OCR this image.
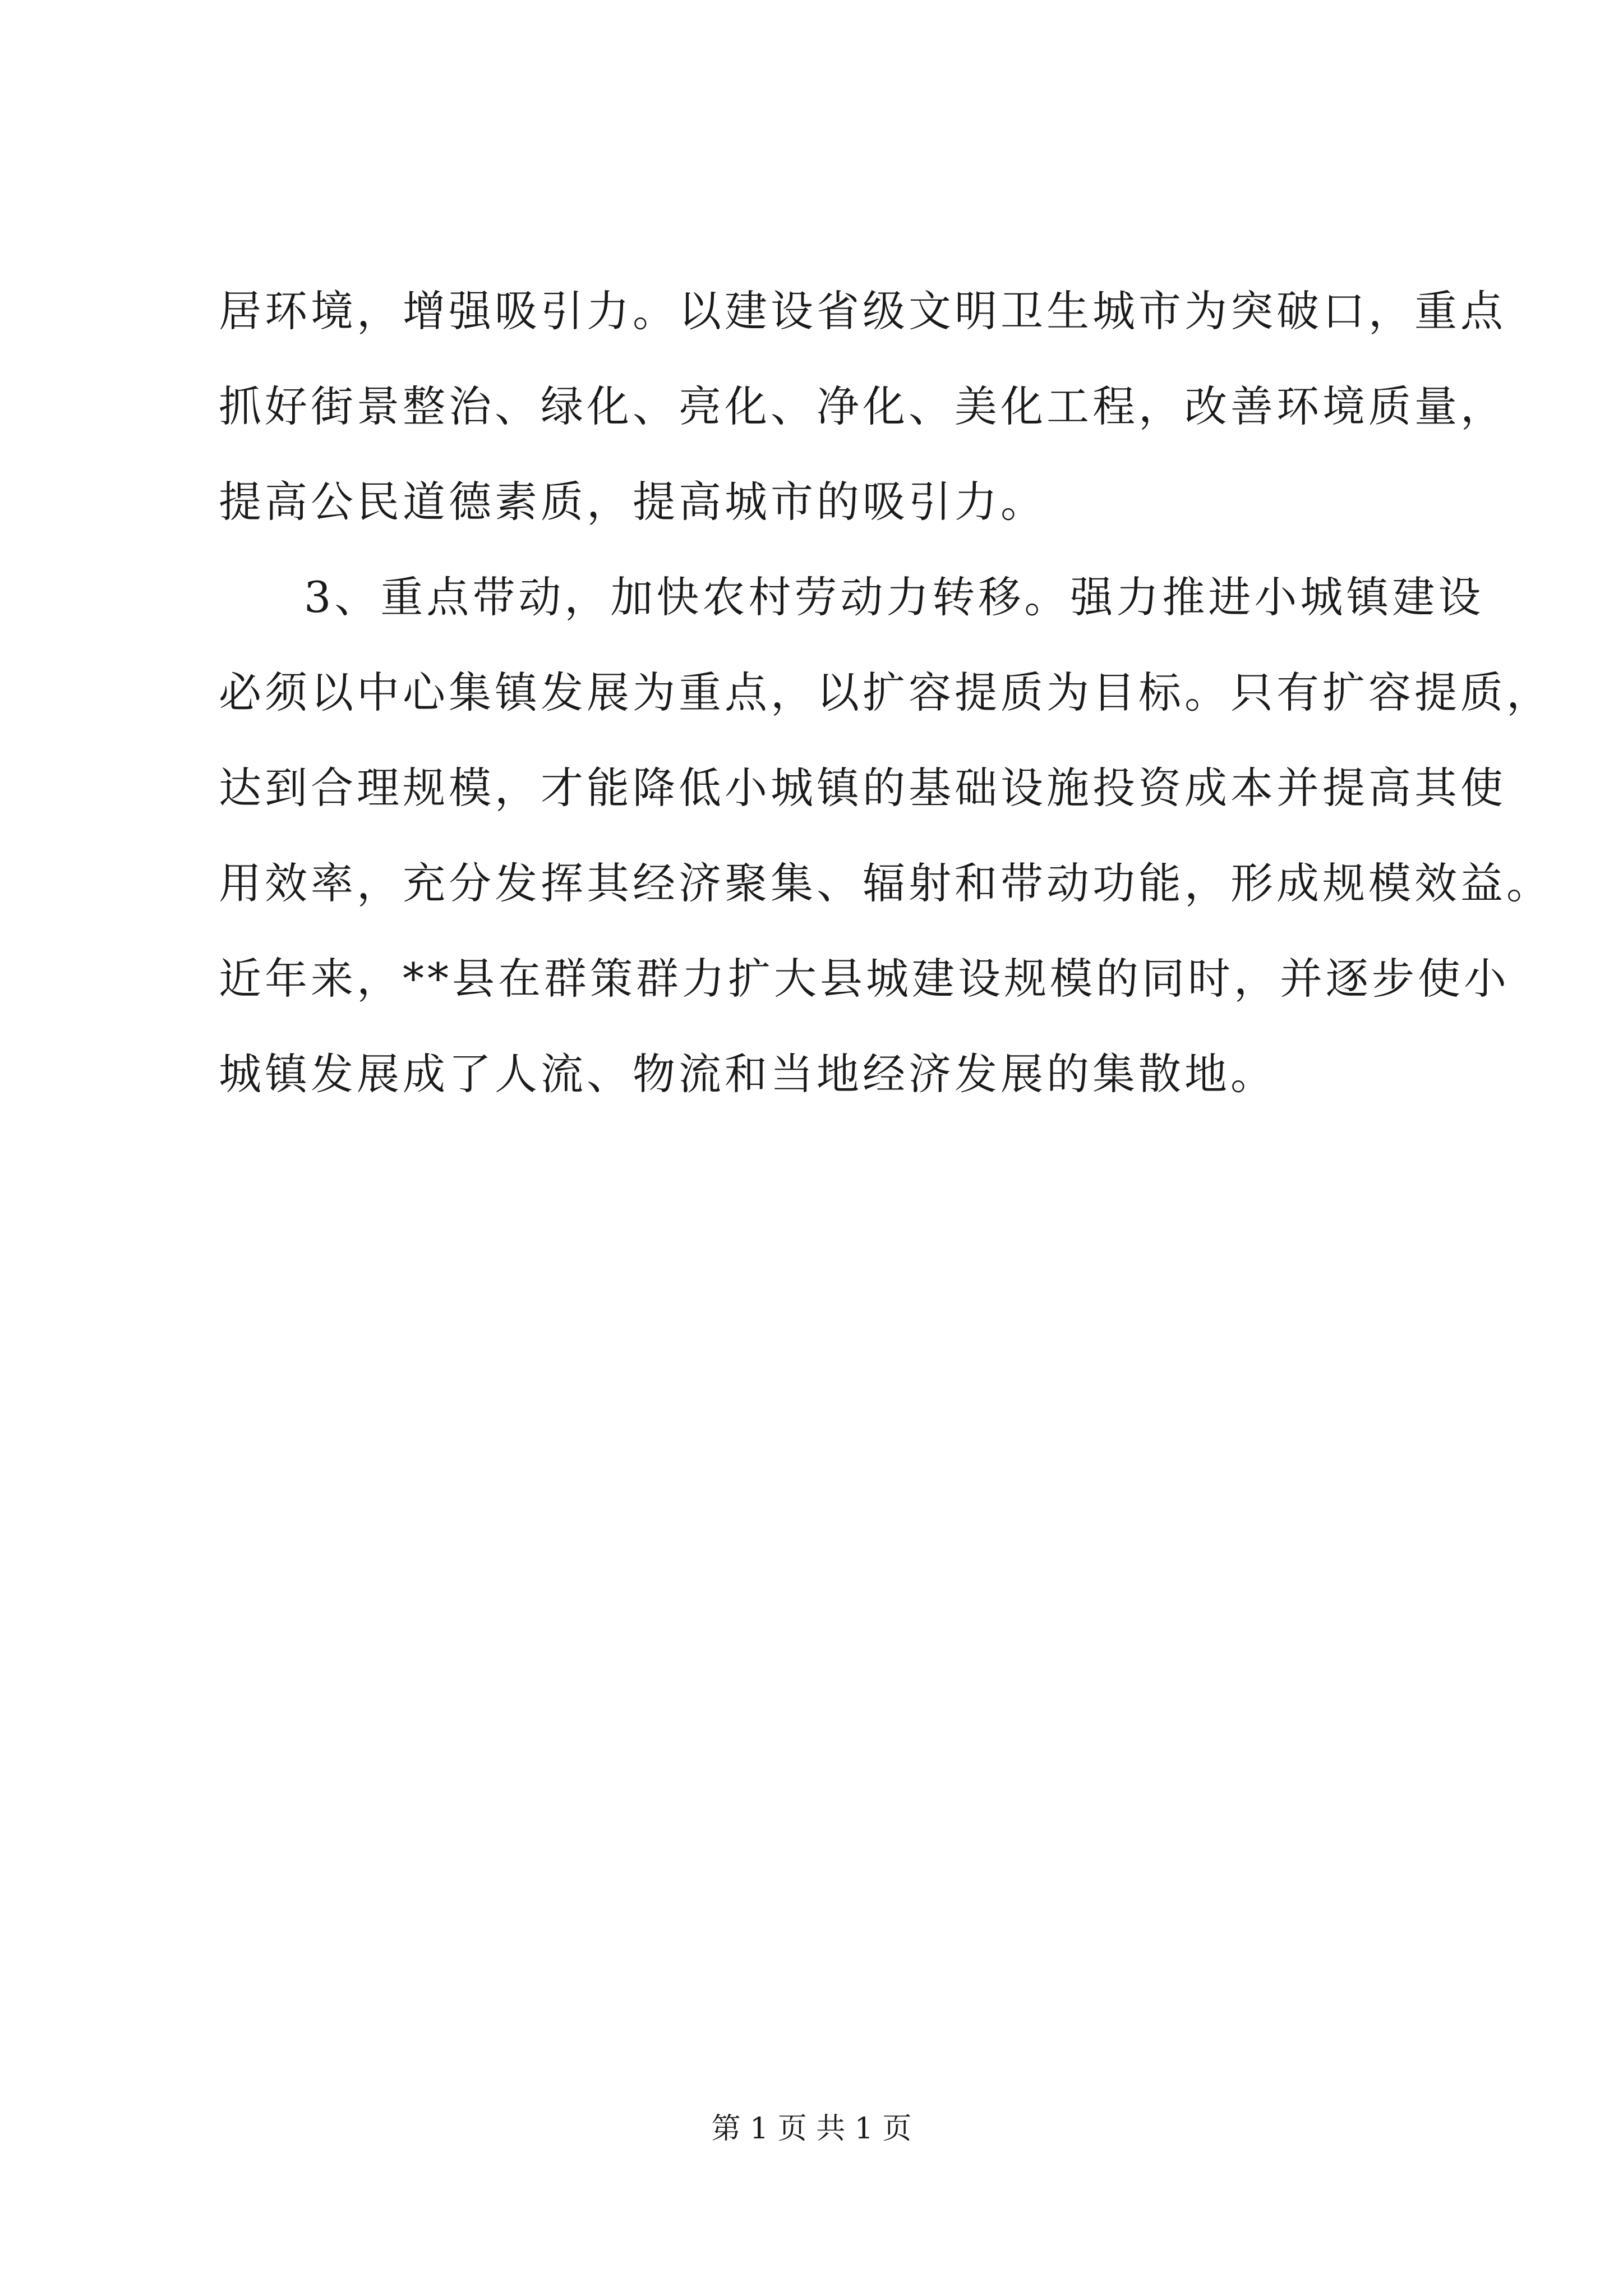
居环境，增强吸引力。以建设省级文明卫生城市为突破口，重点
抓好街景整治、绿化、亮化、净化、美化工程，改善环境质量，
提高公民道德素质，提高城市的吸引力。
3、重点带动，加快农村劳动力转移。强力推进小城镇建设
必须以中心集镇发展为重点，以扩容提质为目标。只有扩容提质，
达到合理规模，才能降低小城镇的基础设施投资成本并提高其使
用效率，充分发挥其经济聚集、辐射和带动功能，形成规模效益。
近年来，**县在群策群力扩大县城建设规模的同时，并逐步使小
城镇发展成了人流、物流和当地经济发展的集散地。
第 1 页 共 1 页
